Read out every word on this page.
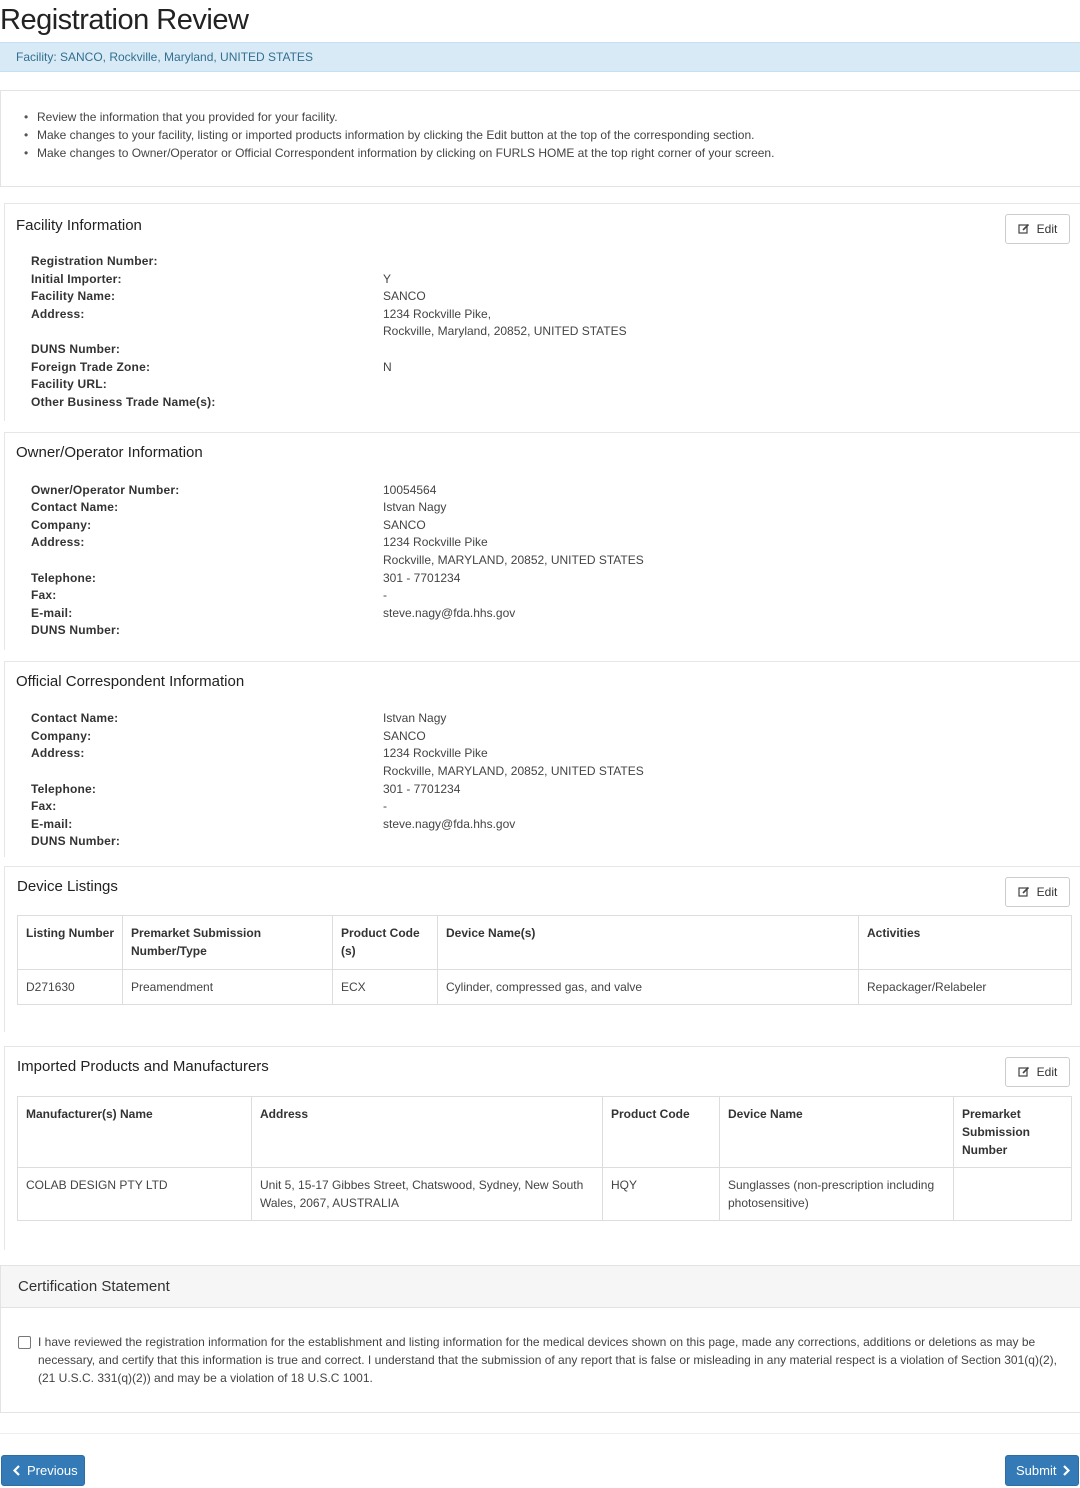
Registration Review
Facility: SANCO, Rockville, Maryland, UNITED STATES
• Review the information that you provided for your facility.
• Make changes to your facility, listing or imported products information by clicking the Edit button at the top of the corresponding section.
• Make changes to Owner/Operator or Official Correspondent information by clicking on FURLS HOME at the top right corner of your screen.
Facility Information	Edit
Registration Number:
Initial Importer:	Y
Facility Name:	SANCO
Address:	1234 Rockville Pike,
Rockville, Maryland, 20852, UNITED STATES
DUNS Number:
Foreign Trade Zone:	N
Facility URL:
Other Business Trade Name(s):
Owner/Operator Information
Owner/Operator Number:	10054564
Contact Name:	Istvan Nagy
Company:	SANCO
Address:	1234 Rockville Pike
Rockville, MARYLAND, 20852, UNITED STATES
Telephone:	301 - 7701234
Fax:	-
E-mail:	steve.nagy@fda.hhs.gov
DUNS Number:
Official Correspondent Information
Contact Name:	Istvan Nagy
Company:	SANCO
Address:	1234 Rockville Pike
Rockville, MARYLAND, 20852, UNITED STATES
Telephone:	301 - 7701234
Fax:	-
E-mail:	steve.nagy@fda.hhs.gov
DUNS Number:
Device Listings	Edit
Listing Number	Premarket Submission Number/Type	Product Code (s)	Device Name(s)	Activities
D271630	Preamendment	ECX	Cylinder, compressed gas, and valve	Repackager/Relabeler
Imported Products and Manufacturers	Edit
Manufacturer(s) Name	Address	Product Code	Device Name	Premarket Submission Number
COLAB DESIGN PTY LTD	Unit 5, 15-17 Gibbes Street, Chatswood, Sydney, New South Wales, 2067, AUSTRALIA	HQY	Sunglasses (non-prescription including photosensitive)	
Certification Statement
I have reviewed the registration information for the establishment and listing information for the medical devices shown on this page, made any corrections, additions or deletions as may be necessary, and certify that this information is true and correct. I understand that the submission of any report that is false or misleading in any material respect is a violation of Section 301(q)(2), (21 U.S.C. 331(q)(2)) and may be a violation of 18 U.S.C 1001.
Previous	Submit
